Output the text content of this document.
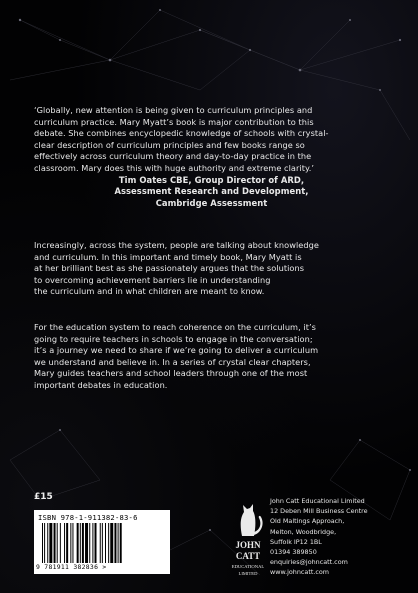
‘Globally, new attention is being given to curriculum principles and
curriculum practice. Mary Myatt’s book is major contribution to this
debate. She combines encyclopedic knowledge of schools with crystal-
clear description of curriculum principles and few books range so
effectively across curriculum theory and day-to-day practice in the
classroom. Mary does this with huge authority and extreme clarity.’
Tim Oates CBE, Group Director of ARD,
Assessment Research and Development,
Cambridge Assessment
Increasingly, across the system, people are talking about knowledge
and curriculum. In this important and timely book, Mary Myatt is
at her brilliant best as she passionately argues that the solutions
to overcoming achievement barriers lie in understanding
the curriculum and in what children are meant to know.
For the education system to reach coherence on the curriculum, it’s
going to require teachers in schools to engage in the conversation;
it’s a journey we need to share if we’re going to deliver a curriculum
we understand and believe in. In a series of crystal clear chapters,
Mary guides teachers and school leaders through one of the most
important debates in education.
£15
ISBN 978-1-911382-83-6
9 781911 382836 >
JOHN
CATT
EDUCATIONAL
LIMITED
John Catt Educational Limited
12 Deben Mill Business Centre
Old Maltings Approach,
Melton, Woodbridge,
Suffolk IP12 1BL
01394 389850
enquiries@johncatt.com
www.johncatt.com
